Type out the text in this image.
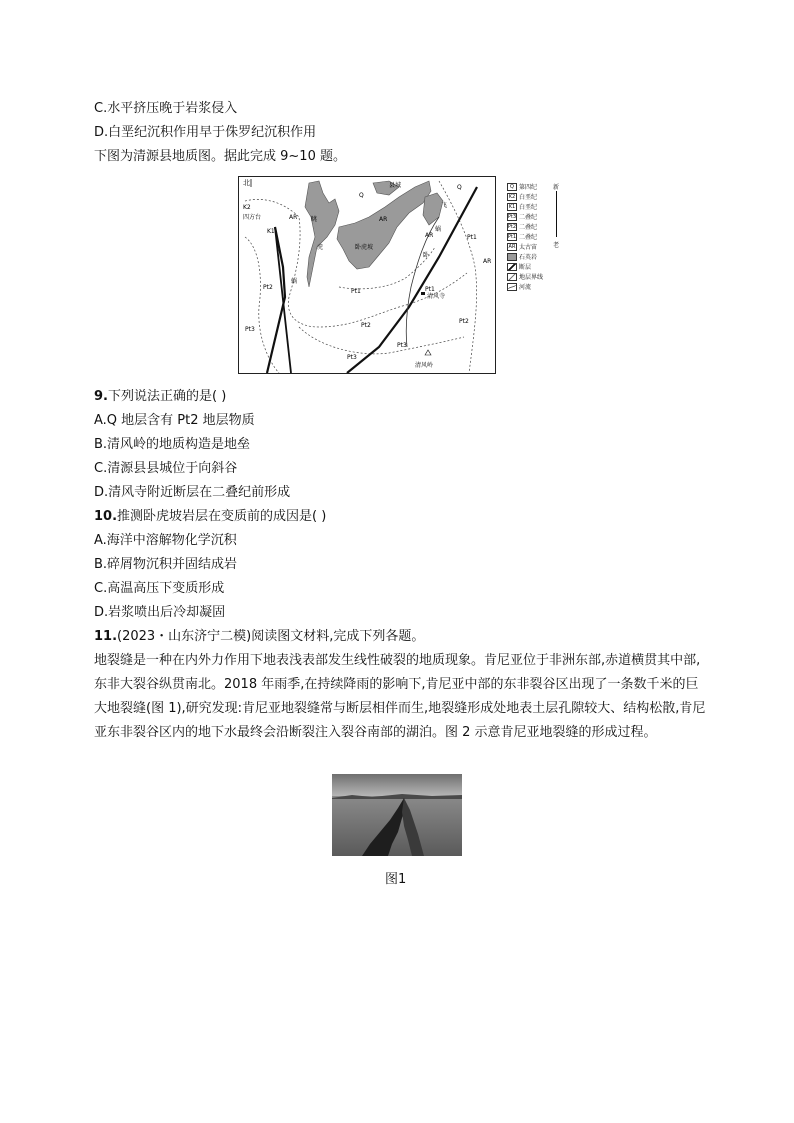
C.水平挤压晚于岩浆侵入
D.白垩纪沉积作用早于侏罗纪沉积作用
下图为清源县地质图。据此完成 9~10 题。
北
K2
四方台
K1
县城	Q
Q
眺
AR	AR
AR
AR
飞
蜗
虎	卧虎坡
蜗
卧
Pt1
Pt1	Pt1
Pt2
Pt2
Pt2
Pt3
Pt3
Pt3
清风寺
清风岭
Q 第四纪
K2 白垩纪
K1 白垩纪
Pt3 二叠纪
Pt2 二叠纪
Pt1 二叠纪
AR 太古宙
石英岩
断层
地层界线
河流
新
老
9.下列说法正确的是( )
A.Q 地层含有 Pt2 地层物质
B.清风岭的地质构造是地垒
C.清源县县城位于向斜谷
D.清风寺附近断层在二叠纪前形成
10.推测卧虎坡岩层在变质前的成因是( )
A.海洋中溶解物化学沉积
B.碎屑物沉积并固结成岩
C.高温高压下变质形成
D.岩浆喷出后冷却凝固
11.(2023・山东济宁二模)阅读图文材料,完成下列各题。
地裂缝是一种在内外力作用下地表浅表部发生线性破裂的地质现象。肯尼亚位于非洲东部,赤道横贯其中部,东非大裂谷纵贯南北。2018 年雨季,在持续降雨的影响下,肯尼亚中部的东非裂谷区出现了一条数千米的巨大地裂缝(图 1),研究发现:肯尼亚地裂缝常与断层相伴而生,地裂缝形成处地表土层孔隙较大、结构松散,肯尼亚东非裂谷区内的地下水最终会沿断裂注入裂谷南部的湖泊。图 2 示意肯尼亚地裂缝的形成过程。
图1
